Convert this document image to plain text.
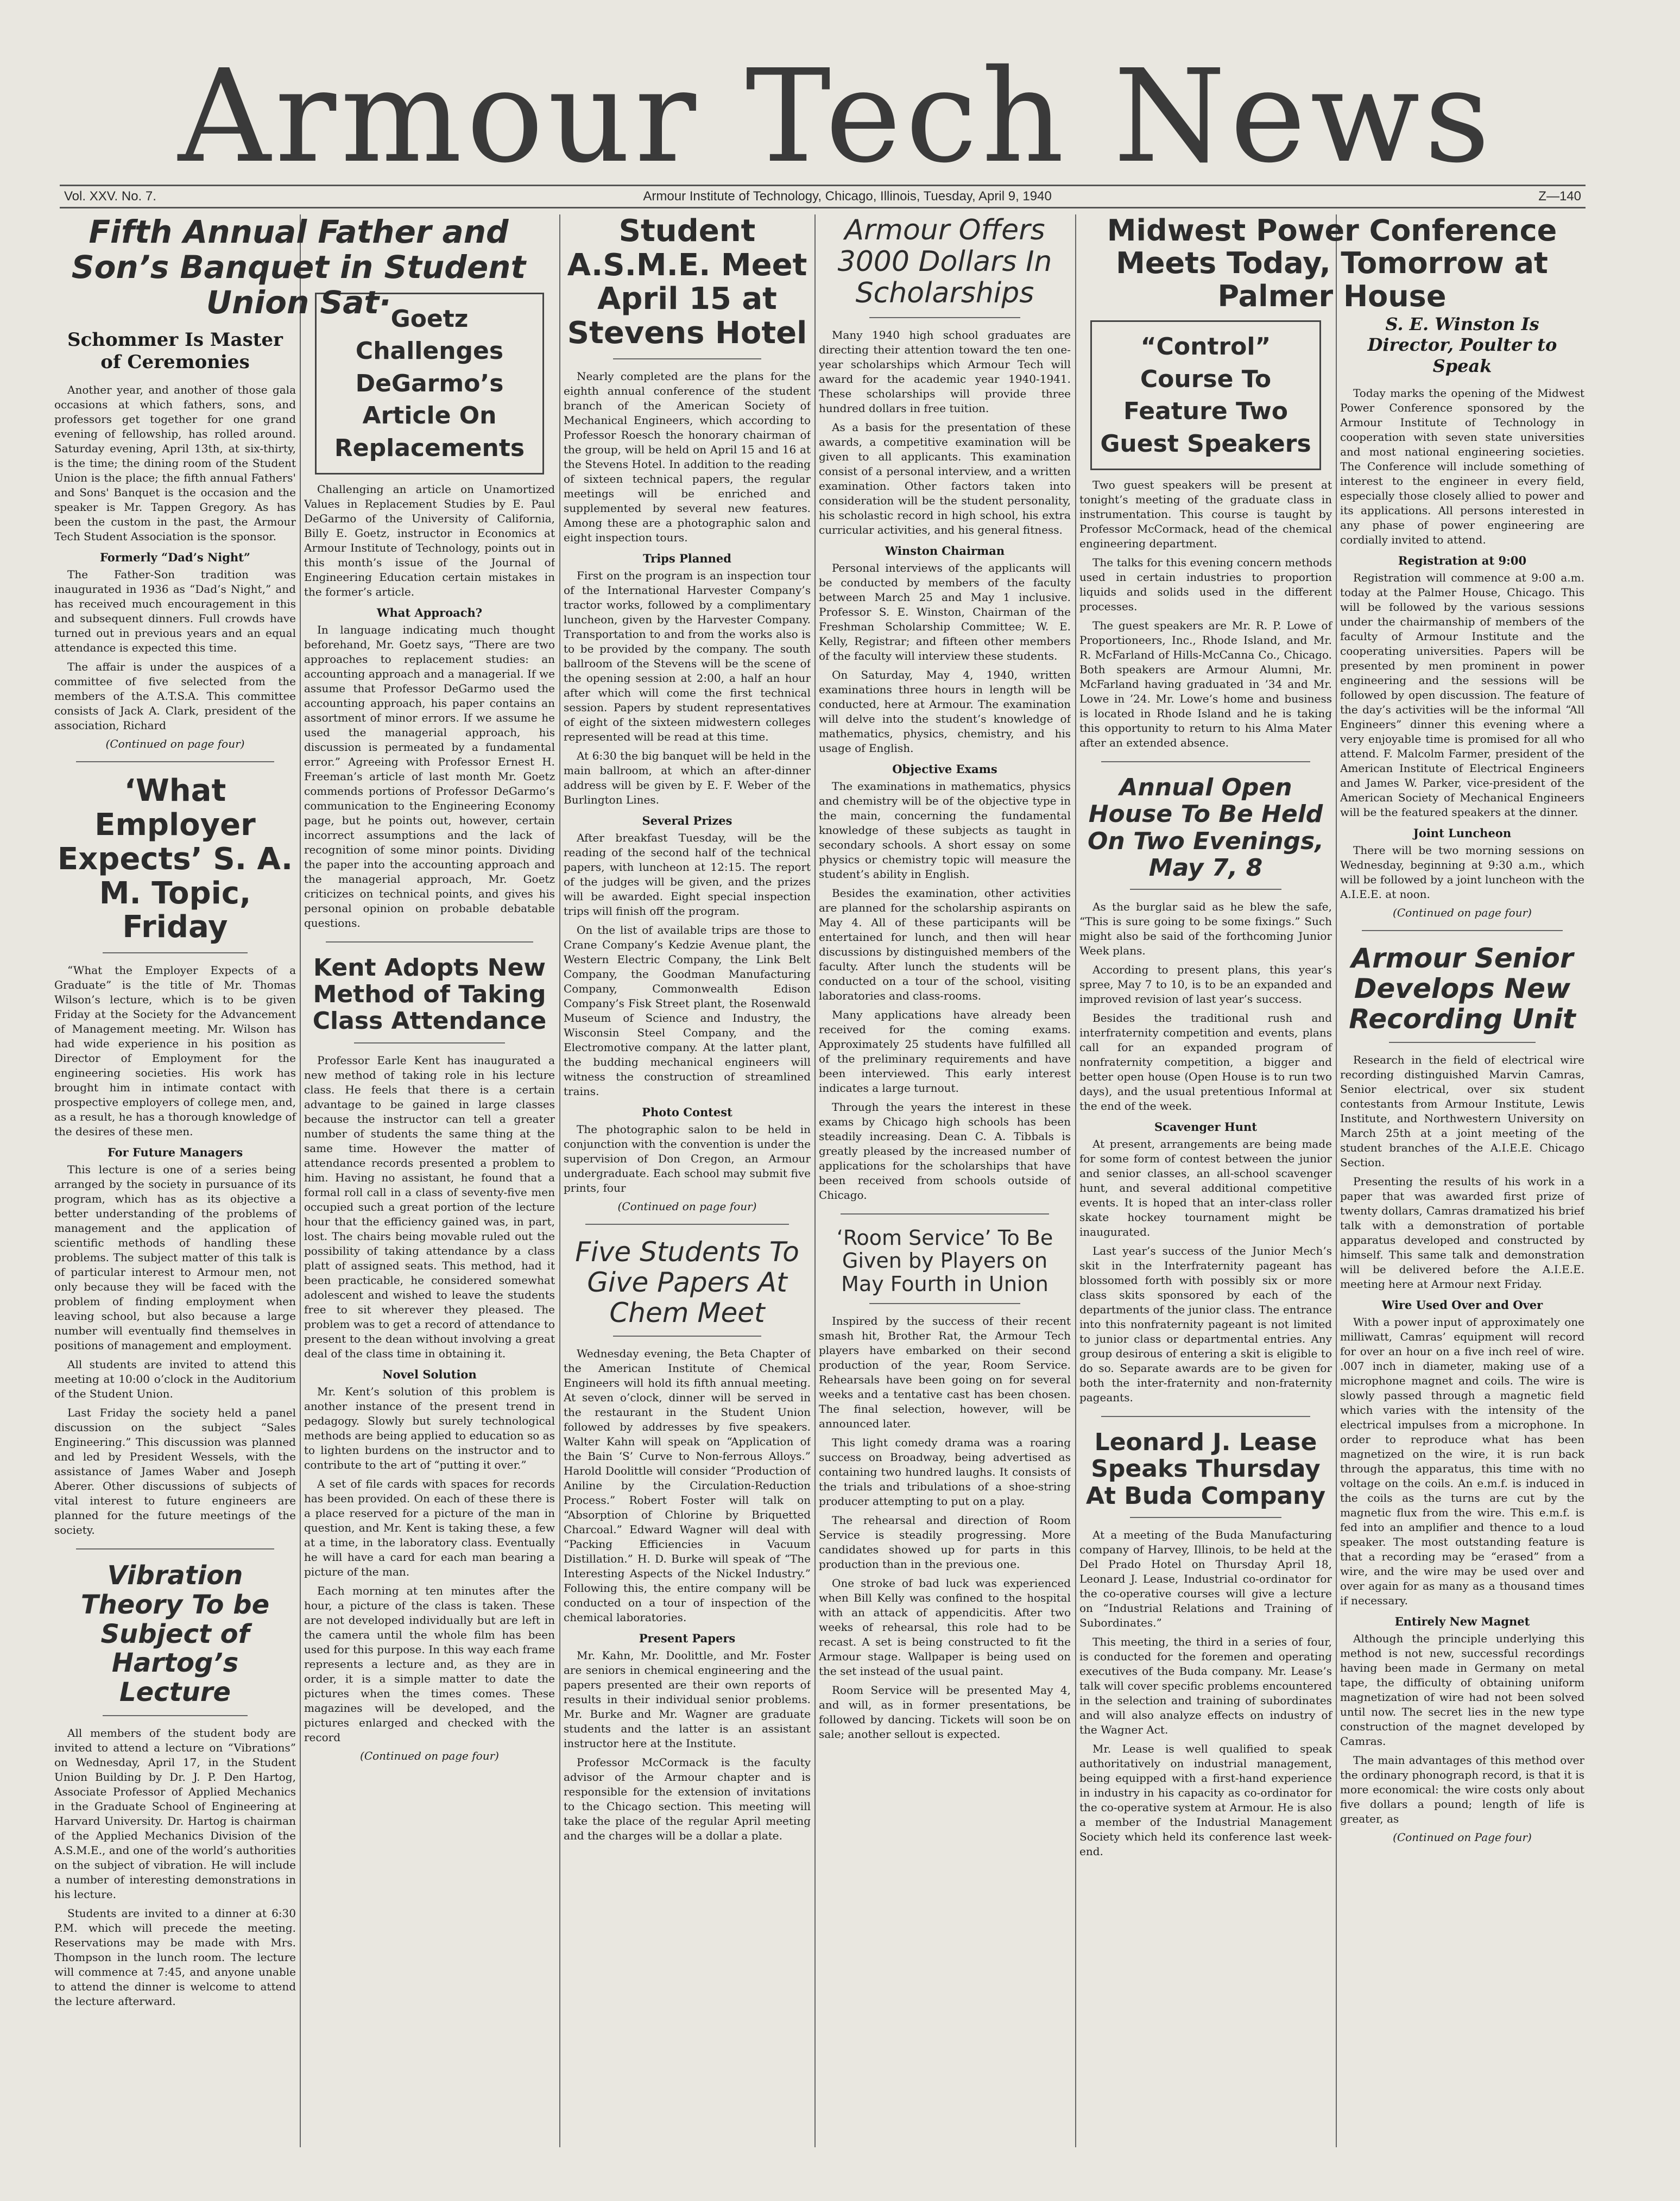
Armour Tech News
Vol. XXV. No. 7.	Armour Institute of Technology, Chicago, Illinois, Tuesday, April 9, 1940	Z—140
Fifth Annual Father and Son’s Banquet in Student Union Sat·
Schommer Is Master of Ceremonies

Another year, and another of those gala occasions at which fathers, sons, and professors get together for one grand evening of fellowship, has rolled around. Saturday evening, April 13th, at six-thirty, is the time; the dining room of the Student Union is the place; the fifth annual Fathers' and Sons' Banquet is the occasion and the speaker is Mr. Tappen Gregory. As has been the custom in the past, the Armour Tech Student Association is the sponsor.

Formerly “Dad’s Night”

The Father-Son tradition was inaugurated in 1936 as “Dad’s Night,” and has received much encouragement in this and subsequent dinners. Full crowds have turned out in previous years and an equal attendance is expected this time.

The affair is under the auspices of a committee of five selected from the members of the A.T.S.A. This committee consists of Jack A. Clark, president of the association, Richard

(Continued on page four)
‘What Employer Expects’ S. A. M. Topic, Friday

“What the Employer Expects of a Graduate” is the title of Mr. Thomas Wilson’s lecture, which is to be given Friday at the Society for the Advancement of Management meeting. Mr. Wilson has had wide experience in his position as Director of Employment for the engineering societies. His work has brought him in intimate contact with prospective employers of college men, and, as a result, he has a thorough knowledge of the desires of these men.

For Future Managers

This lecture is one of a series being arranged by the society in pursuance of its program, which has as its objective a better understanding of the problems of management and the application of scientific methods of handling these problems. The subject matter of this talk is of particular interest to Armour men, not only because they will be faced with the problem of finding employment when leaving school, but also because a large number will eventually find themselves in positions of management and employment.

All students are invited to attend this meeting at 10:00 o’clock in the Auditorium of the Student Union.

Last Friday the society held a panel discussion on the subject “Sales Engineering.” This discussion was planned and led by President Wessels, with the assistance of James Waber and Joseph Aberer. Other discussions of subjects of vital interest to future engineers are planned for the future meetings of the society.

Vibration Theory To be Subject of Hartog’s Lecture

All members of the student body are invited to attend a lecture on “Vibrations” on Wednesday, April 17, in the Student Union Building by Dr. J. P. Den Hartog, Associate Professor of Applied Mechanics in the Graduate School of Engineering at Harvard University. Dr. Hartog is chairman of the Applied Mechanics Division of the A.S.M.E., and one of the world’s authorities on the subject of vibration. He will include a number of interesting demonstrations in his lecture.

Students are invited to a dinner at 6:30 P.M. which will precede the meeting. Reservations may be made with Mrs. Thompson in the lunch room. The lecture will commence at 7:45, and anyone unable to attend the dinner is welcome to attend the lecture afterward.

Goetz Challenges DeGarmo’s Article On Replacements

Challenging an article on Unamortized Values in Replacement Studies by E. Paul DeGarmo of the University of California, Billy E. Goetz, instructor in Economics at Armour Institute of Technology, points out in this month’s issue of the Journal of Engineering Education certain mistakes in the former’s article.

What Approach?

In language indicating much thought beforehand, Mr. Goetz says, “There are two approaches to replacement studies: an accounting approach and a managerial. If we assume that Professor DeGarmo used the accounting approach, his paper contains an assortment of minor errors. If we assume he used the managerial approach, his discussion is permeated by a fundamental error.” Agreeing with Professor Ernest H. Freeman’s article of last month Mr. Goetz commends portions of Professor DeGarmo’s communication to the Engineering Economy page, but he points out, however, certain incorrect assumptions and the lack of recognition of some minor points. Dividing the paper into the accounting approach and the managerial approach, Mr. Goetz criticizes on technical points, and gives his personal opinion on probable debatable questions.

Kent Adopts New Method of Taking Class Attendance

Professor Earle Kent has inaugurated a new method of taking role in his lecture class. He feels that there is a certain advantage to be gained in large classes because the instructor can tell a greater number of students the same thing at the same time. However the matter of attendance records presented a problem to him. Having no assistant, he found that a formal roll call in a class of seventy-five men occupied such a great portion of the lecture hour that the efficiency gained was, in part, lost. The chairs being movable ruled out the possibility of taking attendance by a class platt of assigned seats. This method, had it been practicable, he considered somewhat adolescent and wished to leave the students free to sit wherever they pleased. The problem was to get a record of attendance to present to the dean without involving a great deal of the class time in obtaining it.

Novel Solution

Mr. Kent’s solution of this problem is another instance of the present trend in pedagogy. Slowly but surely technological methods are being applied to education so as to lighten burdens on the instructor and to contribute to the art of “putting it over.”

A set of file cards with spaces for records has been provided. On each of these there is a place reserved for a picture of the man in question, and Mr. Kent is taking these, a few at a time, in the laboratory class. Eventually he will have a card for each man bearing a picture of the man.

Each morning at ten minutes after the hour, a picture of the class is taken. These are not developed individually but are left in the camera until the whole film has been used for this purpose. In this way each frame represents a lecture and, as they are in order, it is a simple matter to date the pictures when the times comes. These magazines will be developed, and the pictures enlarged and checked with the record

(Continued on page four)
Student A.S.M.E. Meet April 15 at Stevens Hotel

Nearly completed are the plans for the eighth annual conference of the student branch of the American Society of Mechanical Engineers, which according to Professor Roesch the honorary chairman of the group, will be held on April 15 and 16 at the Stevens Hotel. In addition to the reading of sixteen technical papers, the regular meetings will be enriched and supplemented by several new features. Among these are a photographic salon and eight inspection tours.

Trips Planned

First on the program is an inspection tour of the International Harvester Company’s tractor works, followed by a complimentary luncheon, given by the Harvester Company. Transportation to and from the works also is to be provided by the company. The south ballroom of the Stevens will be the scene of the opening session at 2:00, a half an hour after which will come the first technical session. Papers by student representatives of eight of the sixteen midwestern colleges represented will be read at this time.

At 6:30 the big banquet will be held in the main ballroom, at which an after-dinner address will be given by E. F. Weber of the Burlington Lines.

Several Prizes

After breakfast Tuesday, will be the reading of the second half of the technical papers, with luncheon at 12:15. The report of the judges will be given, and the prizes will be awarded. Eight special inspection trips will finish off the program.

On the list of available trips are those to Crane Company’s Kedzie Avenue plant, the Western Electric Company, the Link Belt Company, the Goodman Manufacturing Company, Commonwealth Edison Company’s Fisk Street plant, the Rosenwald Museum of Science and Industry, the Wisconsin Steel Company, and the Electromotive company. At the latter plant, the budding mechanical engineers will witness the construction of streamlined trains.

Photo Contest

The photographic salon to be held in conjunction with the convention is under the supervision of Don Cregon, an Armour undergraduate. Each school may submit five prints, four

(Continued on page four)
Five Students To Give Papers At Chem Meet

Wednesday evening, the Beta Chapter of the American Institute of Chemical Engineers will hold its fifth annual meeting. At seven o’clock, dinner will be served in the restaurant in the Student Union followed by addresses by five speakers. Walter Kahn will speak on “Application of the Bain ‘S’ Curve to Non-ferrous Alloys.” Harold Doolittle will consider “Production of Aniline by the Circulation-Reduction Process.” Robert Foster will talk on “Absorption of Chlorine by Briquetted Charcoal.” Edward Wagner will deal with “Packing Efficiencies in Vacuum Distillation.” H. D. Burke will speak of “The Interesting Aspects of the Nickel Industry.” Following this, the entire company will be conducted on a tour of inspection of the chemical laboratories.

Present Papers

Mr. Kahn, Mr. Doolittle, and Mr. Foster are seniors in chemical engineering and the papers presented are their own reports of results in their individual senior problems. Mr. Burke and Mr. Wagner are graduate students and the latter is an assistant instructor here at the Institute.

Professor McCormack is the faculty advisor of the Armour chapter and is responsible for the extension of invitations to the Chicago section. This meeting will take the place of the regular April meeting and the charges will be a dollar a plate.

Armour Offers 3000 Dollars In Scholarships

Many 1940 high school graduates are directing their attention toward the ten one-year scholarships which Armour Tech will award for the academic year 1940-1941. These scholarships will provide three hundred dollars in free tuition.

As a basis for the presentation of these awards, a competitive examination will be given to all applicants. This examination consist of a personal interview, and a written examination. Other factors taken into consideration will be the student personality, his scholastic record in high school, his extra curricular activities, and his general fitness.

Winston Chairman

Personal interviews of the applicants will be conducted by members of the faculty between March 25 and May 1 inclusive. Professor S. E. Winston, Chairman of the Freshman Scholarship Committee; W. E. Kelly, Registrar; and fifteen other members of the faculty will interview these students.

On Saturday, May 4, 1940, written examinations three hours in length will be conducted, here at Armour. The examination will delve into the student’s knowledge of mathematics, physics, chemistry, and his usage of English.

Objective Exams

The examinations in mathematics, physics and chemistry will be of the objective type in the main, concerning the fundamental knowledge of these subjects as taught in secondary schools. A short essay on some physics or chemistry topic will measure the student’s ability in English.

Besides the examination, other activities are planned for the scholarship aspirants on May 4. All of these participants will be entertained for lunch, and then will hear discussions by distinguished members of the faculty. After lunch the students will be conducted on a tour of the school, visiting laboratories and class-rooms.

Many applications have already been received for the coming exams. Approximately 25 students have fulfilled all of the preliminary requirements and have been interviewed. This early interest indicates a large turnout.

Through the years the interest in these exams by Chicago high schools has been steadily increasing. Dean C. A. Tibbals is greatly pleased by the increased number of applications for the scholarships that have been received from schools outside of Chicago.

‘Room Service’ To Be Given by Players on May Fourth in Union

Inspired by the success of their recent smash hit, Brother Rat, the Armour Tech players have embarked on their second production of the year, Room Service. Rehearsals have been going on for several weeks and a tentative cast has been chosen. The final selection, however, will be announced later.

This light comedy drama was a roaring success on Broadway, being advertised as containing two hundred laughs. It consists of the trials and tribulations of a shoe-string producer attempting to put on a play.

The rehearsal and direction of Room Service is steadily progressing. More candidates showed up for parts in this production than in the previous one.

One stroke of bad luck was experienced when Bill Kelly was confined to the hospital with an attack of appendicitis. After two weeks of rehearsal, this role had to be recast. A set is being constructed to fit the Armour stage. Wallpaper is being used on the set instead of the usual paint.

Room Service will be presented May 4, and will, as in former presentations, be followed by dancing. Tickets will soon be on sale; another sellout is expected.

Midwest Power Conference Meets Today, Tomorrow at Palmer House
“Control” Course To Feature Two Guest Speakers

Two guest speakers will be present at tonight’s meeting of the graduate class in instrumentation. This course is taught by Professor McCormack, head of the chemical engineering department.

The talks for this evening concern methods used in certain industries to proportion liquids and solids used in the different processes.

The guest speakers are Mr. R. P. Lowe of Proportioneers, Inc., Rhode Island, and Mr. R. McFarland of Hills-McCanna Co., Chicago. Both speakers are Armour Alumni, Mr. McFarland having graduated in ’34 and Mr. Lowe in ’24. Mr. Lowe’s home and business is located in Rhode Island and he is taking this opportunity to return to his Alma Mater after an extended absence.

Annual Open House To Be Held On Two Evenings, May 7, 8

As the burglar said as he blew the safe, “This is sure going to be some fixings.” Such might also be said of the forthcoming Junior Week plans.

According to present plans, this year’s spree, May 7 to 10, is to be an expanded and improved revision of last year’s success.

Besides the traditional rush and interfraternity competition and events, plans call for an expanded program of nonfraternity competition, a bigger and better open house (Open House is to run two days), and the usual pretentious Informal at the end of the week.

Scavenger Hunt

At present, arrangements are being made for some form of contest between the junior and senior classes, an all-school scavenger hunt, and several additional competitive events. It is hoped that an inter-class roller skate hockey tournament might be inaugurated.

Last year’s success of the Junior Mech’s skit in the Interfraternity pageant has blossomed forth with possibly six or more class skits sponsored by each of the departments of the junior class. The entrance into this nonfraternity pageant is not limited to junior class or departmental entries. Any group desirous of entering a skit is eligible to do so. Separate awards are to be given for both the inter-fraternity and non-fraternity pageants.

Leonard J. Lease Speaks Thursday At Buda Company

At a meeting of the Buda Manufacturing company of Harvey, Illinois, to be held at the Del Prado Hotel on Thursday April 18, Leonard J. Lease, Industrial co-ordinator for the co-operative courses will give a lecture on “Industrial Relations and Training of Subordinates.”

This meeting, the third in a series of four, is conducted for the foremen and operating executives of the Buda company. Mr. Lease’s talk will cover specific problems encountered in the selection and training of subordinates and will also analyze effects on industry of the Wagner Act.

Mr. Lease is well qualified to speak authoritatively on industrial management, being equipped with a first-hand experience in industry in his capacity as co-ordinator for the co-operative system at Armour. He is also a member of the Industrial Management Society which held its conference last week-end.

S. E. Winston Is Director, Poulter to Speak

Today marks the opening of the Midwest Power Conference sponsored by the Armour Institute of Technology in cooperation with seven state universities and most national engineering societies. The Conference will include something of interest to the engineer in every field, especially those closely allied to power and its applications. All persons interested in any phase of power engineering are cordially invited to attend.

Registration at 9:00

Registration will commence at 9:00 a.m. today at the Palmer House, Chicago. This will be followed by the various sessions under the chairmanship of members of the faculty of Armour Institute and the cooperating universities. Papers will be presented by men prominent in power engineering and the sessions will be followed by open discussion. The feature of the day’s activities will be the informal “All Engineers” dinner this evening where a very enjoyable time is promised for all who attend. F. Malcolm Farmer, president of the American Institute of Electrical Engineers and James W. Parker, vice-president of the American Society of Mechanical Engineers will be the featured speakers at the dinner.

Joint Luncheon

There will be two morning sessions on Wednesday, beginning at 9:30 a.m., which will be followed by a joint luncheon with the A.I.E.E. at noon.

(Continued on page four)
Armour Senior Develops New Recording Unit

Research in the field of electrical wire recording distinguished Marvin Camras, Senior electrical, over six student contestants from Armour Institute, Lewis Institute, and Northwestern University on March 25th at a joint meeting of the student branches of the A.I.E.E. Chicago Section.

Presenting the results of his work in a paper that was awarded first prize of twenty dollars, Camras dramatized his brief talk with a demonstration of portable apparatus developed and constructed by himself. This same talk and demonstration will be delivered before the A.I.E.E. meeting here at Armour next Friday.

Wire Used Over and Over

With a power input of approximately one milliwatt, Camras’ equipment will record for over an hour on a five inch reel of wire. .007 inch in diameter, making use of a microphone magnet and coils. The wire is slowly passed through a magnetic field which varies with the intensity of the electrical impulses from a microphone. In order to reproduce what has been magnetized on the wire, it is run back through the apparatus, this time with no voltage on the coils. An e.m.f. is induced in the coils as the turns are cut by the magnetic flux from the wire. This e.m.f. is fed into an amplifier and thence to a loud speaker. The most outstanding feature is that a recording may be “erased” from a wire, and the wire may be used over and over again for as many as a thousand times if necessary.

Entirely New Magnet

Although the principle underlying this method is not new, successful recordings having been made in Germany on metal tape, the difficulty of obtaining uniform magnetization of wire had not been solved until now. The secret lies in the new type construction of the magnet developed by Camras.

The main advantages of this method over the ordinary phonograph record, is that it is more economical: the wire costs only about five dollars a pound; length of life is greater, as

(Continued on Page four)
